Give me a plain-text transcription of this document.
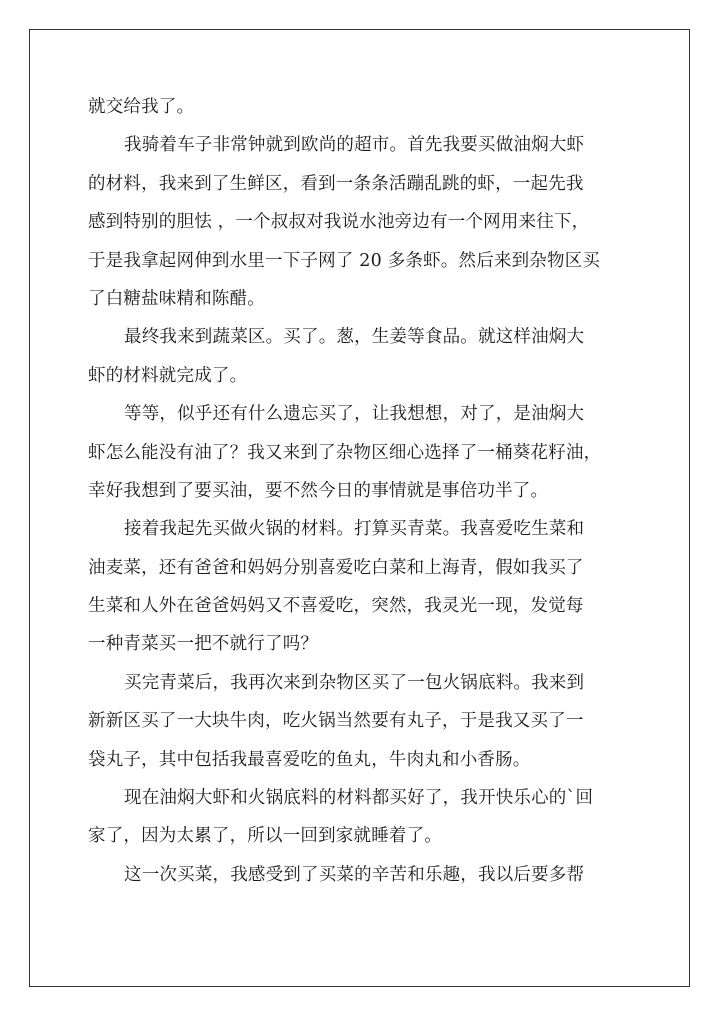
就交给我了。
我骑着车子非常钟就到欧尚的超市。首先我要买做油焖大虾
的材料，我来到了生鲜区，看到一条条活蹦乱跳的虾，一起先我
感到特别的胆怯 ，一个叔叔对我说水池旁边有一个网用来往下，
于是我拿起网伸到水里一下子网了 20 多条虾。然后来到杂物区买
了白糖盐味精和陈醋。
最终我来到蔬菜区。买了。葱，生姜等食品。就这样油焖大
虾的材料就完成了。
等等，似乎还有什么遗忘买了，让我想想，对了，是油焖大
虾怎么能没有油了？我又来到了杂物区细心选择了一桶葵花籽油，
幸好我想到了要买油，要不然今日的事情就是事倍功半了。
接着我起先买做火锅的材料。打算买青菜。我喜爱吃生菜和
油麦菜，还有爸爸和妈妈分别喜爱吃白菜和上海青，假如我买了
生菜和人外在爸爸妈妈又不喜爱吃，突然，我灵光一现，发觉每
一种青菜买一把不就行了吗？
买完青菜后，我再次来到杂物区买了一包火锅底料。我来到
新新区买了一大块牛肉，吃火锅当然要有丸子，于是我又买了一
袋丸子，其中包括我最喜爱吃的鱼丸，牛肉丸和小香肠。
现在油焖大虾和火锅底料的材料都买好了，我开快乐心的`回
家了，因为太累了，所以一回到家就睡着了。
这一次买菜，我感受到了买菜的辛苦和乐趣，我以后要多帮
